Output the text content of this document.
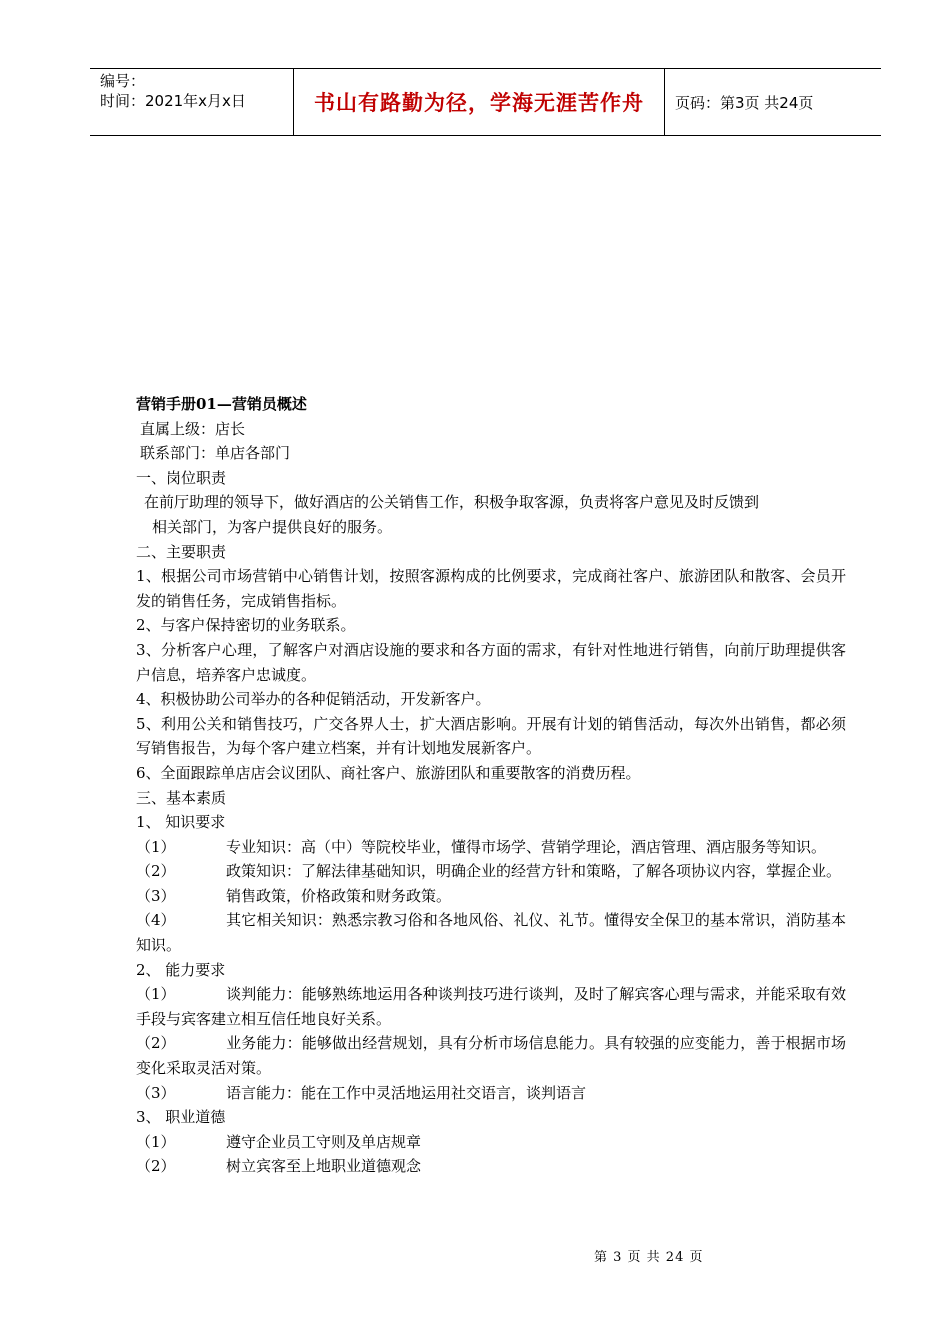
编号：
时间：2021年x月x日	书山有路勤为径，学海无涯苦作舟	页码：第3页 共24页

营销手册01—营销员概述

直属上级：店长

联系部门：单店各部门

一、岗位职责

在前厅助理的领导下，做好酒店的公关销售工作，积极争取客源，负责将客户意见及时反馈到

相关部门，为客户提供良好的服务。

二、主要职责

1、根据公司市场营销中心销售计划，按照客源构成的比例要求，完成商社客户、旅游团队和散客、会员开发的销售任务，完成销售指标。

2、与客户保持密切的业务联系。

3、分析客户心理，了解客户对酒店设施的要求和各方面的需求，有针对性地进行销售，向前厅助理提供客户信息，培养客户忠诚度。

4、积极协助公司举办的各种促销活动，开发新客户。

5、利用公关和销售技巧，广交各界人士，扩大酒店影响。开展有计划的销售活动，每次外出销售，都必须写销售报告，为每个客户建立档案，并有计划地发展新客户。

6、全面跟踪单店店会议团队、商社客户、旅游团队和重要散客的消费历程。

三、基本素质

1、 知识要求

（1）	专业知识：高（中）等院校毕业，懂得市场学、营销学理论，酒店管理、酒店服务等知识。

（2）	政策知识：了解法律基础知识，明确企业的经营方针和策略，了解各项协议内容，掌握企业。

（3）	销售政策，价格政策和财务政策。

（4）	其它相关知识：熟悉宗教习俗和各地风俗、礼仪、礼节。懂得安全保卫的基本常识，消防基本知识。

2、 能力要求

（1）	谈判能力：能够熟练地运用各种谈判技巧进行谈判，及时了解宾客心理与需求，并能采取有效手段与宾客建立相互信任地良好关系。

（2）	业务能力：能够做出经营规划，具有分析市场信息能力。具有较强的应变能力，善于根据市场变化采取灵活对策。

（3）	语言能力：能在工作中灵活地运用社交语言，谈判语言

3、 职业道德

（1）	遵守企业员工守则及单店规章

（2）	树立宾客至上地职业道德观念

第 3 页 共 24 页
